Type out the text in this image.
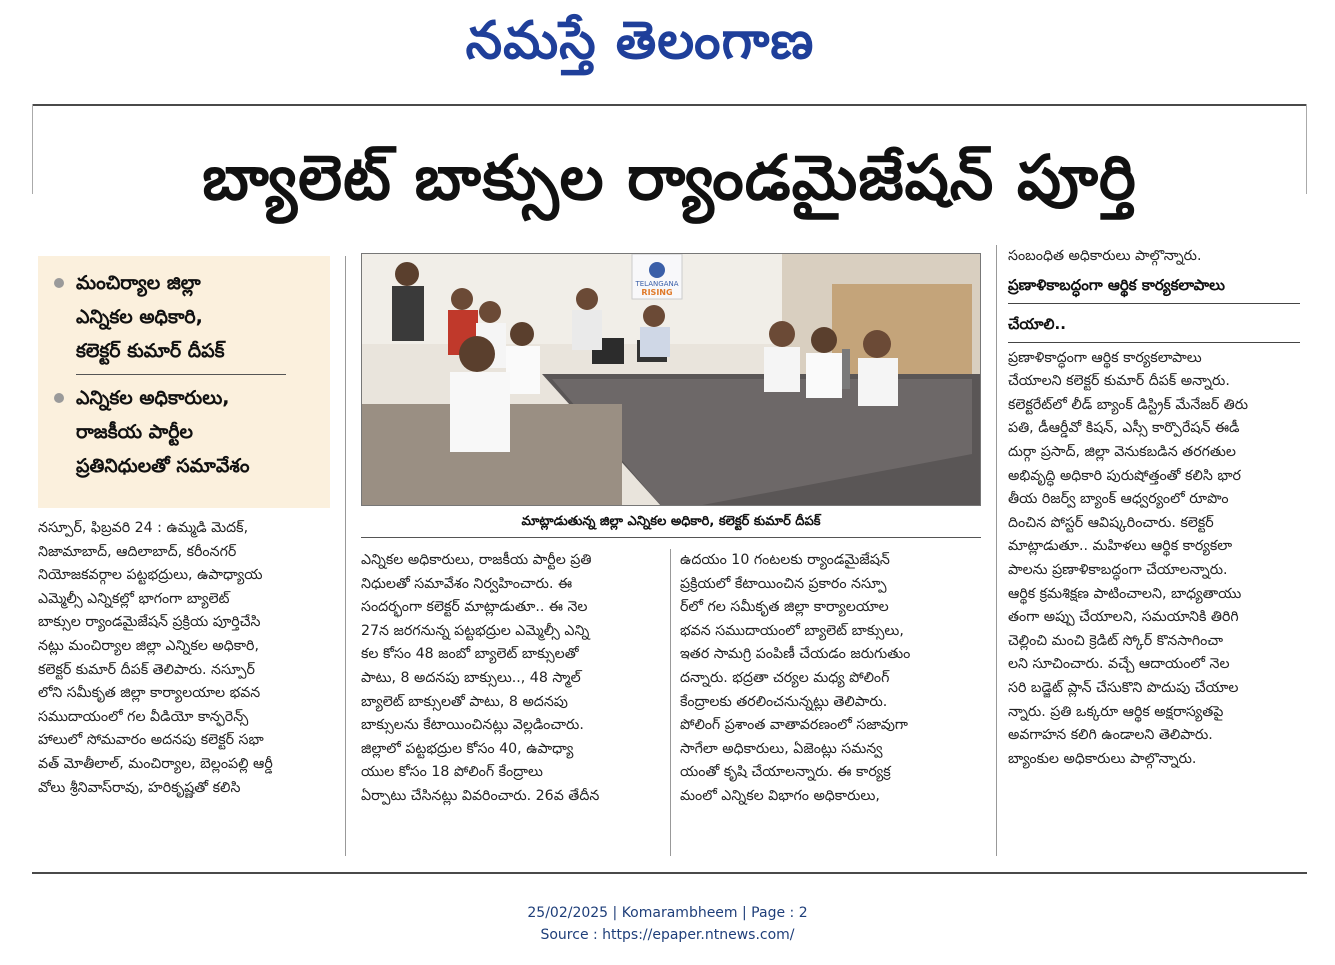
నమస్తే తెలంగాణ
బ్యాలెట్ బాక్సుల ర్యాండమైజేషన్ పూర్తి
మంచిర్యాల జిల్లా
ఎన్నికల అధికారి,
కలెక్టర్ కుమార్ దీపక్
ఎన్నికల అధికారులు,
రాజకీయ పార్టీల
ప్రతినిధులతో సమావేశం
TELANGANA
RISING
మాట్లాడుతున్న జిల్లా ఎన్నికల అధికారి, కలెక్టర్ కుమార్ దీపక్
నస్పూర్, ఫిబ్రవరి 24 : ఉమ్మడి మెదక్,
నిజామాబాద్, ఆదిలాబాద్, కరీంనగర్
నియోజకవర్గాల పట్టభద్రులు, ఉపాధ్యాయ
ఎమ్మెల్సీ ఎన్నికల్లో భాగంగా బ్యాలెట్
బాక్సుల ర్యాండమైజేషన్ ప్రక్రియ పూర్తిచేసి
నట్లు మంచిర్యాల జిల్లా ఎన్నికల అధికారి,
కలెక్టర్ కుమార్ దీపక్ తెలిపారు. నస్పూర్
లోని సమీకృత జిల్లా కార్యాలయాల భవన
సముదాయంలో గల వీడియో కాన్ఫరెన్స్
హాలులో సోమవారం అదనపు కలెక్టర్ సభా
వత్ మోతీలాల్, మంచిర్యాల, బెల్లంపల్లి ఆర్డీ
వోలు శ్రీనివాస్‌రావు, హరికృష్ణతో కలిసి
ఎన్నికల అధికారులు, రాజకీయ పార్టీల ప్రతి
నిధులతో సమావేశం నిర్వహించారు. ఈ
సందర్భంగా కలెక్టర్ మాట్లాడుతూ.. ఈ నెల
27న జరగనున్న పట్టభద్రుల ఎమ్మెల్సీ ఎన్ని
కల కోసం 48 జంబో బ్యాలెట్ బాక్సులతో
పాటు, 8 అదనపు బాక్సులు.., 48 స్మాల్
బ్యాలెట్ బాక్సులతో పాటు, 8 అదనపు
బాక్సులను కేటాయించినట్లు వెల్లడించారు.
జిల్లాలో పట్టభద్రుల కోసం 40, ఉపాధ్యా
యుల కోసం 18 పోలింగ్ కేంద్రాలు
ఏర్పాటు చేసినట్లు వివరించారు. 26వ తేదీన
ఉదయం 10 గంటలకు ర్యాండమైజేషన్
ప్రక్రియలో కేటాయించిన ప్రకారం నస్పూ
ర్‌లో గల సమీకృత జిల్లా కార్యాలయాల
భవన సముదాయంలో బ్యాలెట్ బాక్సులు,
ఇతర సామగ్రి పంపిణీ చేయడం జరుగుతుం
దన్నారు. భద్రతా చర్యల మధ్య పోలింగ్
కేంద్రాలకు తరలించనున్నట్లు తెలిపారు.
పోలింగ్ ప్రశాంత వాతావరణంలో సజావుగా
సాగేలా అధికారులు, ఏజెంట్లు సమన్వ
యంతో కృషి చేయాలన్నారు. ఈ కార్యక్ర
మంలో ఎన్నికల విభాగం అధికారులు,
సంబంధిత అధికారులు పాల్గొన్నారు.
ప్రణాళికాబద్ధంగా ఆర్థిక కార్యకలాపాలు
చేయాలి..
ప్రణాళికాద్ధంగా ఆర్థిక కార్యకలాపాలు
చేయాలని కలెక్టర్ కుమార్ దీపక్ అన్నారు.
కలెక్టరేట్‌లో లీడ్ బ్యాంక్ డిస్ట్రిక్ మేనేజర్ తిరు
పతి, డీఆర్డీవో కిషన్, ఎస్సీ కార్పొరేషన్ ఈడీ
దుర్గా ప్రసాద్, జిల్లా వెనుకబడిన తరగతుల
అభివృద్ధి అధికారి పురుషోత్తంతో కలిసి భార
తీయ రిజర్వ్ బ్యాంక్ ఆధ్వర్యంలో రూపొం
దించిన పోస్టర్ ఆవిష్కరించారు. కలెక్టర్
మాట్లాడుతూ.. మహిళలు ఆర్థిక కార్యకలా
పాలను ప్రణాళికాబద్ధంగా చేయాలన్నారు.
ఆర్థిక క్రమశిక్షణ పాటించాలని, బాధ్యతాయు
తంగా అప్పు చేయాలని, సమయానికి తిరిగి
చెల్లించి మంచి క్రెడిట్ స్కోర్ కొనసాగించా
లని సూచించారు. వచ్చే ఆదాయంలో నెల
సరి బడ్జెట్ ప్లాన్ చేసుకొని పొదుపు చేయాల
న్నారు. ప్రతి ఒక్కరూ ఆర్థిక అక్షరాస్యతపై
అవగాహన కలిగి ఉండాలని తెలిపారు.
బ్యాంకుల అధికారులు పాల్గొన్నారు.
25/02/2025 | Komarambheem | Page : 2
Source : https://epaper.ntnews.com/
